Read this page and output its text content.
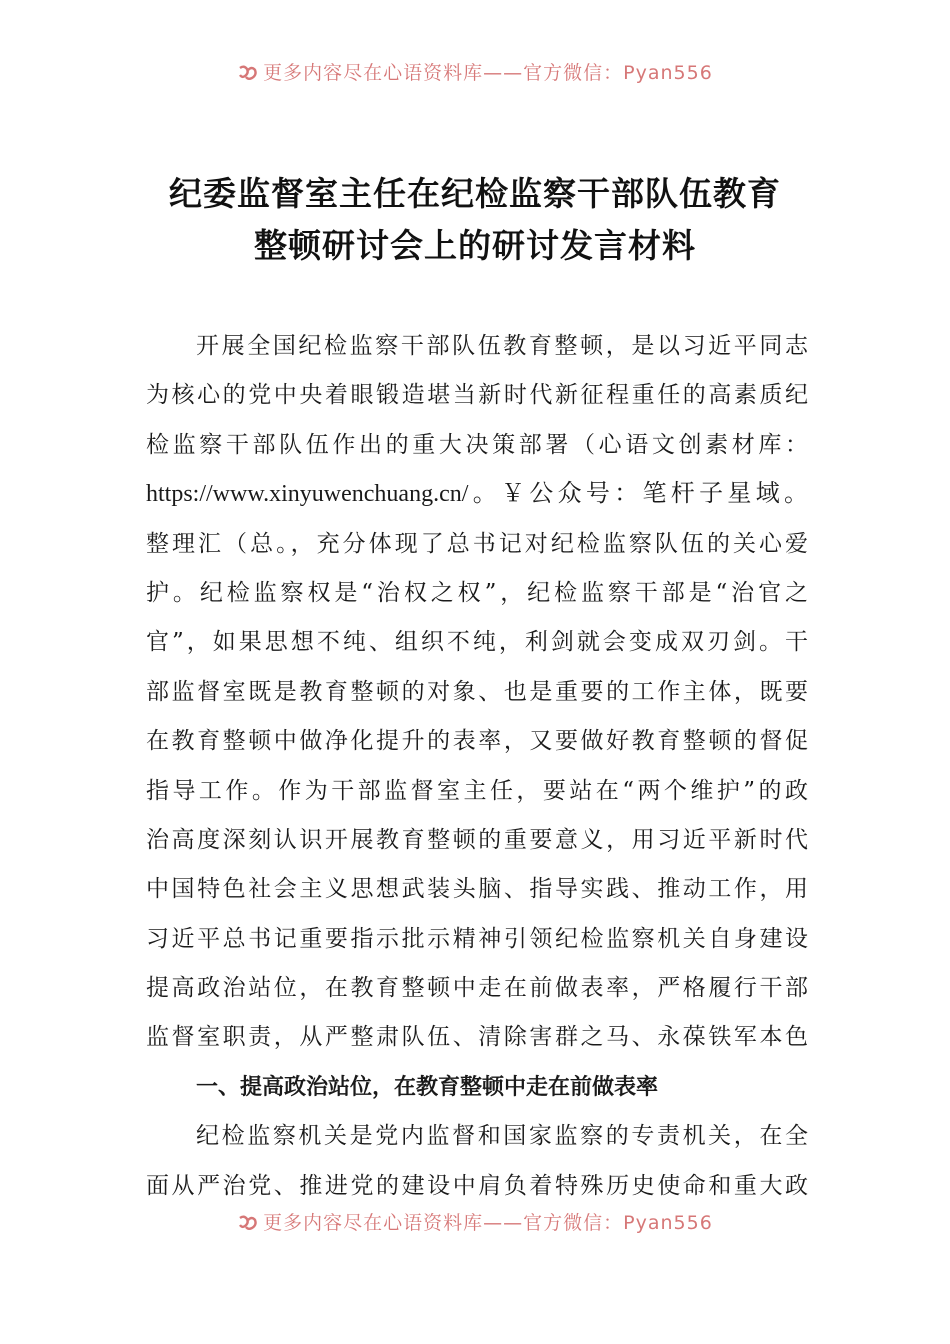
更多内容尽在心语资料库——官方微信：Pyan556
纪委监督室主任在纪检监察干部队伍教育
整顿研讨会上的研讨发言材料
开展全国纪检监察干部队伍教育整顿，是以习近平同志
为核心的党中央着眼锻造堪当新时代新征程重任的高素质纪
检监察干部队伍作出的重大决策部署（心语文创素材库：
https://www.xinyuwenchuang.cn/。￥公众号：笔杆子星域。
整理汇（总。，充分体现了总书记对纪检监察队伍的关心爱
护。纪检监察权是“治权之权”，纪检监察干部是“治官之
官”，如果思想不纯、组织不纯，利剑就会变成双刃剑。干
部监督室既是教育整顿的对象、也是重要的工作主体，既要
在教育整顿中做净化提升的表率，又要做好教育整顿的督促
指导工作。作为干部监督室主任，要站在“两个维护”的政
治高度深刻认识开展教育整顿的重要意义，用习近平新时代
中国特色社会主义思想武装头脑、指导实践、推动工作，用
习近平总书记重要指示批示精神引领纪检监察机关自身建设
提高政治站位，在教育整顿中走在前做表率，严格履行干部
监督室职责，从严整肃队伍、清除害群之马、永葆铁军本色
一、提高政治站位，在教育整顿中走在前做表率
纪检监察机关是党内监督和国家监察的专责机关，在全
面从严治党、推进党的建设中肩负着特殊历史使命和重大政
更多内容尽在心语资料库——官方微信：Pyan556
